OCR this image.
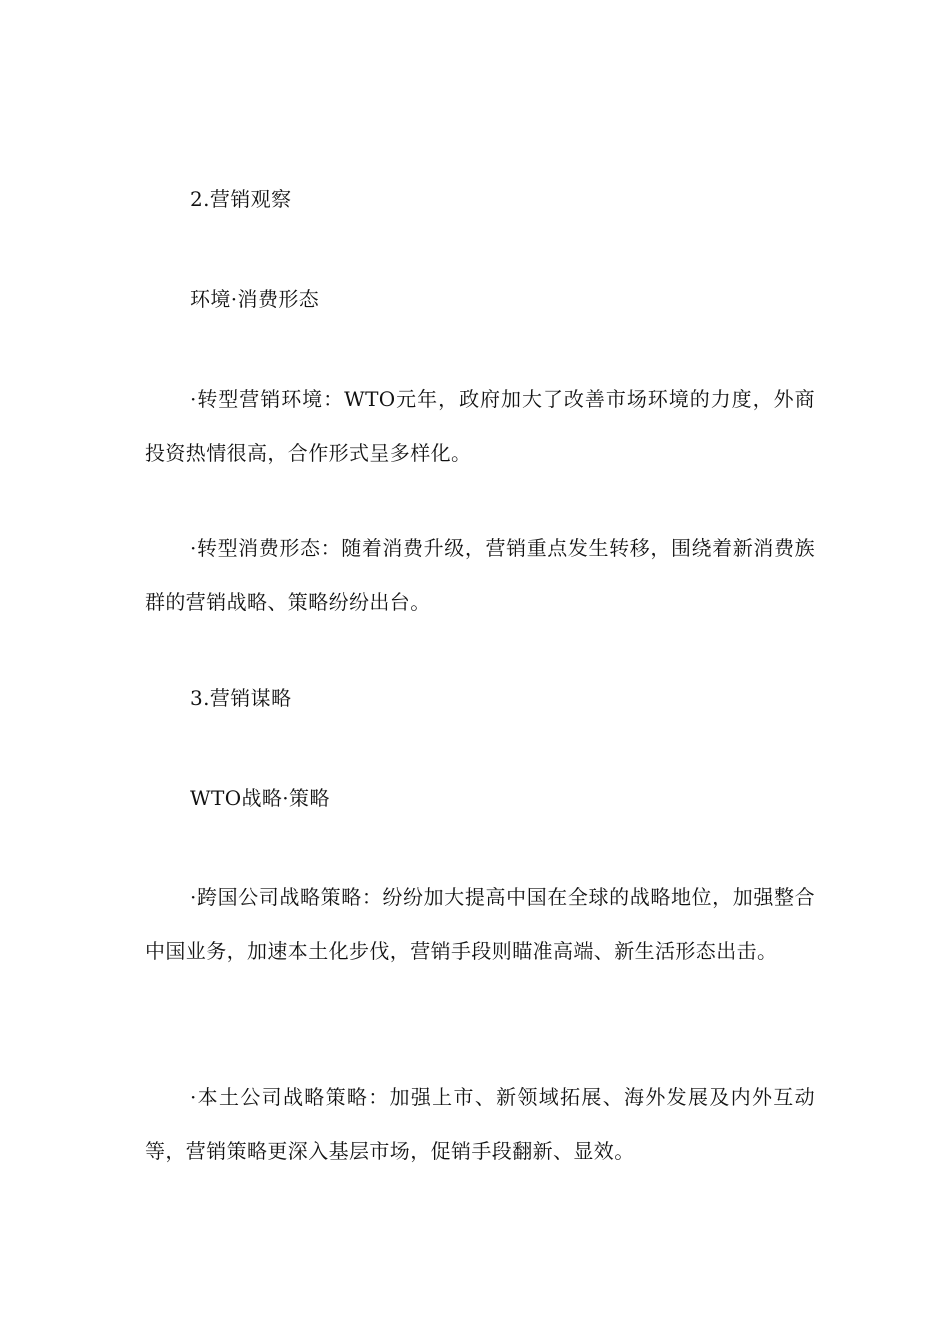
2.营销观察

环境·消费形态

·转型营销环境：WTO元年，政府加大了改善市场环境的力度，外商投资热情很高，合作形式呈多样化。

·转型消费形态：随着消费升级，营销重点发生转移，围绕着新消费族群的营销战略、策略纷纷出台。

3.营销谋略

WTO战略·策略

·跨国公司战略策略：纷纷加大提高中国在全球的战略地位，加强整合中国业务，加速本土化步伐，营销手段则瞄准高端、新生活形态出击。

·本土公司战略策略：加强上市、新领域拓展、海外发展及内外互动等，营销策略更深入基层市场，促销手段翻新、显效。
